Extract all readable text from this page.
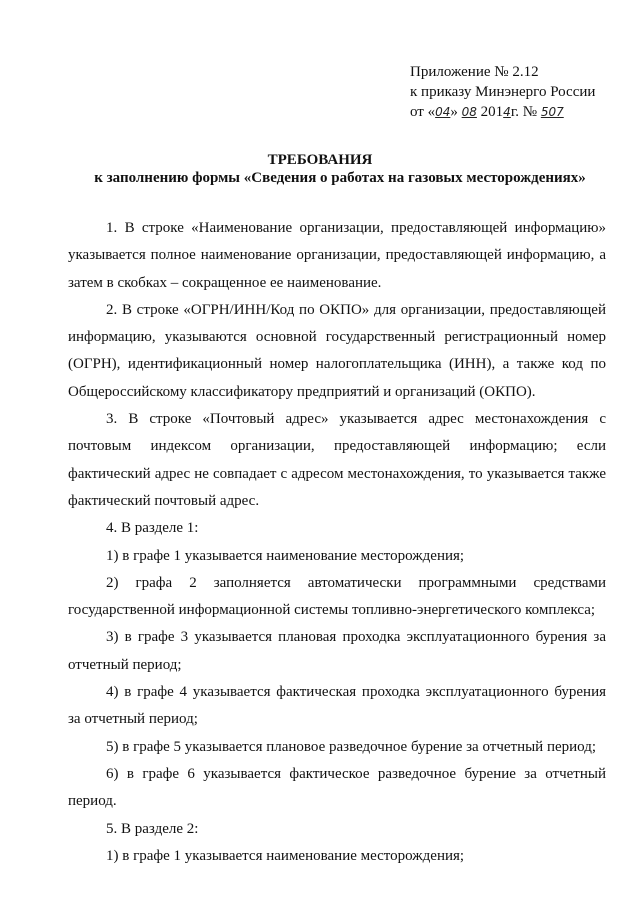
Приложение № 2.12
к приказу Минэнерго России
от «04» 08 2014г. № 507
ТРЕБОВАНИЯ
к заполнению формы «Сведения о работах на газовых месторождениях»

1. В строке «Наименование организации, предоставляющей информацию» указывается полное наименование организации, предоставляющей информацию, а затем в скобках – сокращенное ее наименование.

2. В строке «ОГРН/ИНН/Код по ОКПО» для организации, предоставляющей информацию, указываются основной государственный регистрационный номер (ОГРН), идентификационный номер налогоплательщика (ИНН), а также код по Общероссийскому классификатору предприятий и организаций (ОКПО).

3. В строке «Почтовый адрес» указывается адрес местонахождения с почтовым индексом организации, предоставляющей информацию; если фактический адрес не совпадает с адресом местонахождения, то указывается также фактический почтовый адрес.

4. В разделе 1:

1) в графе 1 указывается наименование месторождения;

2) графа 2 заполняется автоматически программными средствами государственной информационной системы топливно-энергетического комплекса;

3) в графе 3 указывается плановая проходка эксплуатационного бурения за отчетный период;

4) в графе 4 указывается фактическая проходка эксплуатационного бурения за отчетный период;

5) в графе 5 указывается плановое разведочное бурение за отчетный период;

6) в графе 6 указывается фактическое разведочное бурение за отчетный период.

5. В разделе 2:

1) в графе 1 указывается наименование месторождения;
